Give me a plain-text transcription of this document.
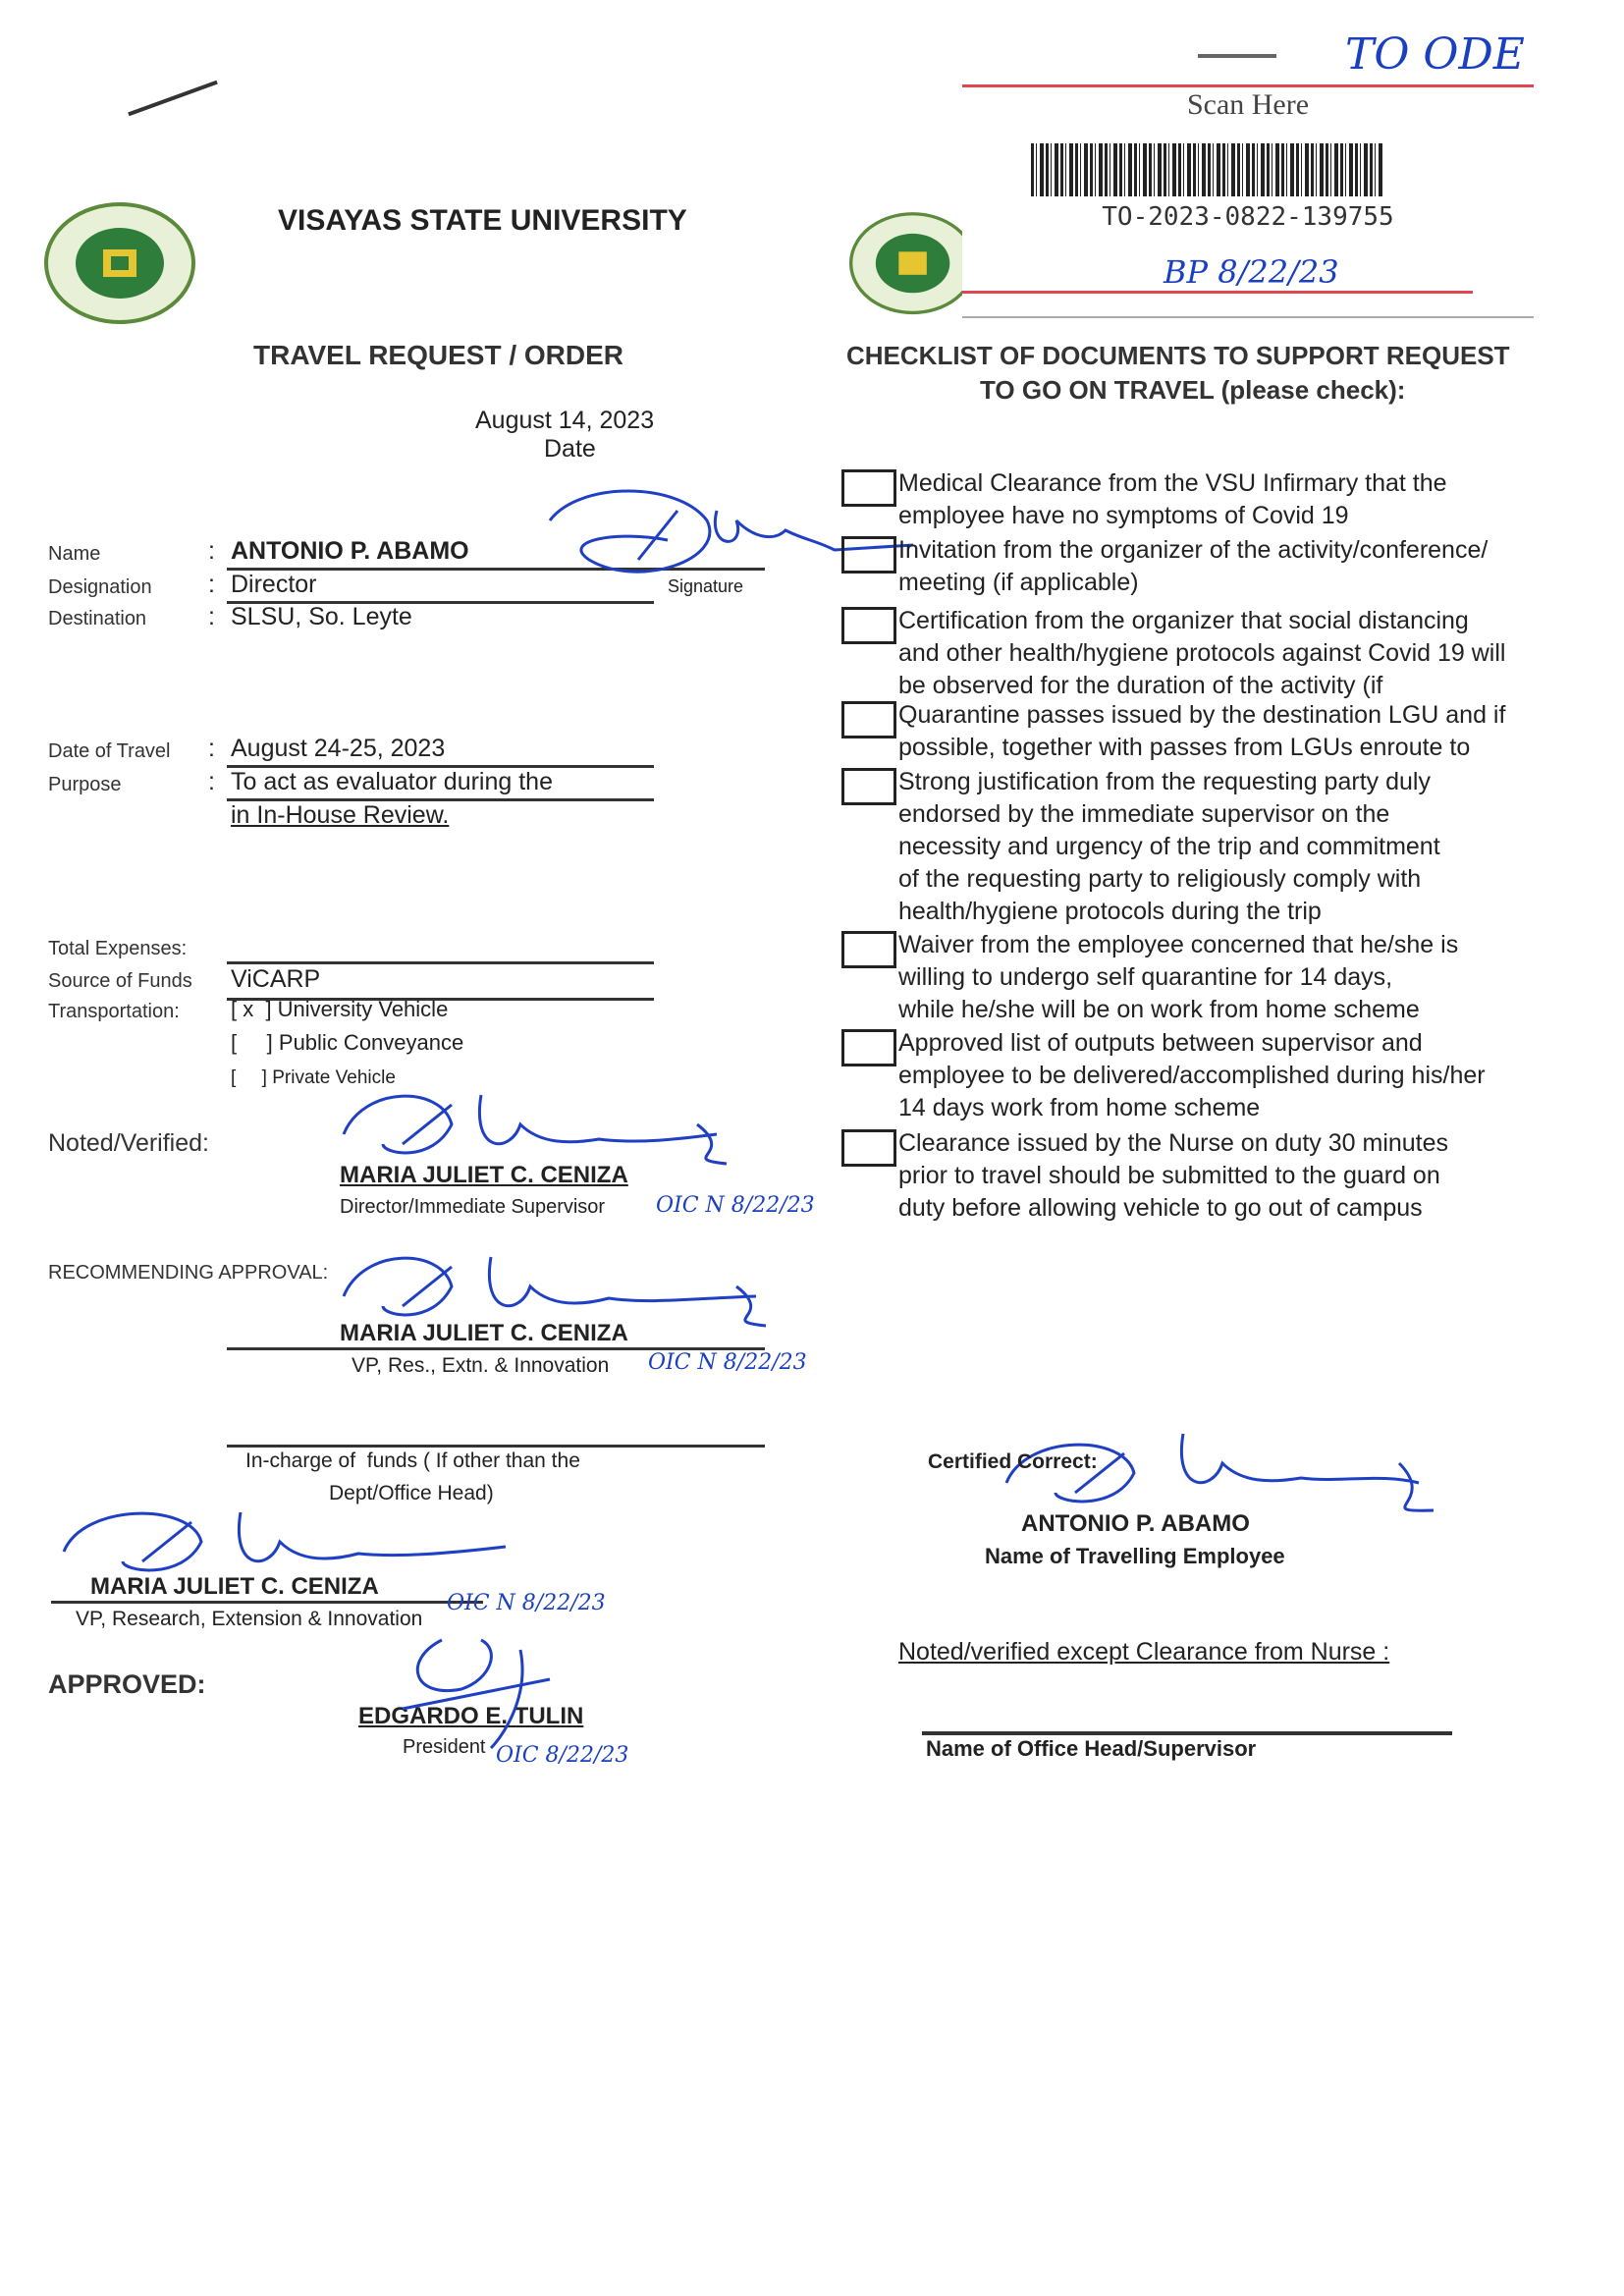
VISAYAS STATE UNIVERSITY
TO ODE
Scan Here
TO-2023-0822-139755
BP 8/22/23
TRAVEL REQUEST / ORDER
August 14, 2023
Date
Name	: ANTONIO P. ABAMO
Signature
Designation : Director
Destination	: SLSU, So. Leyte
Date of Travel : August 24-25, 2023
Purpose	: To act as evaluator during the
in In-House Review.
Total Expenses:
Source of Funds ViCARP
Transportation: [ x  ] University Vehicle
[     ] Public Conveyance
[     ] Private Vehicle
Noted/Verified:
MARIA JULIET C. CENIZA
Director/Immediate Supervisor OIC N 8/22/23
RECOMMENDING APPROVAL:
MARIA JULIET C. CENIZA
VP, Res., Extn. & Innovation OIC N 8/22/23
In-charge of  funds ( If other than the
Dept/Office Head)
MARIA JULIET C. CENIZA
VP, Research, Extension & Innovation
OIC N 8/22/23
APPROVED:
EDGARDO E. TULIN
President OIC 8/22/23
CHECKLIST OF DOCUMENTS TO SUPPORT REQUEST
TO GO ON TRAVEL (please check):
Medical Clearance from the VSU Infirmary that the
employee have no symptoms of Covid 19
Invitation from the organizer of the activity/conference/
meeting (if applicable)
Certification from the organizer that social distancing
and other health/hygiene protocols against Covid 19 will
be observed for the duration of the activity (if
Quarantine passes issued by the destination LGU and if
possible, together with passes from LGUs enroute to
Strong justification from the requesting party duly
endorsed by the immediate supervisor on the
necessity and urgency of the trip and commitment
of the requesting party to religiously comply with
health/hygiene protocols during the trip
Waiver from the employee concerned that he/she is
willing to undergo self quarantine for 14 days,
while he/she will be on work from home scheme
Approved list of outputs between supervisor and
employee to be delivered/accomplished during his/her
14 days work from home scheme
Clearance issued by the Nurse on duty 30 minutes
prior to travel should be submitted to the guard on
duty before allowing vehicle to go out of campus
Certified Correct:
ANTONIO P. ABAMO
Name of Travelling Employee
Noted/verified except Clearance from Nurse :
Name of Office Head/Supervisor
